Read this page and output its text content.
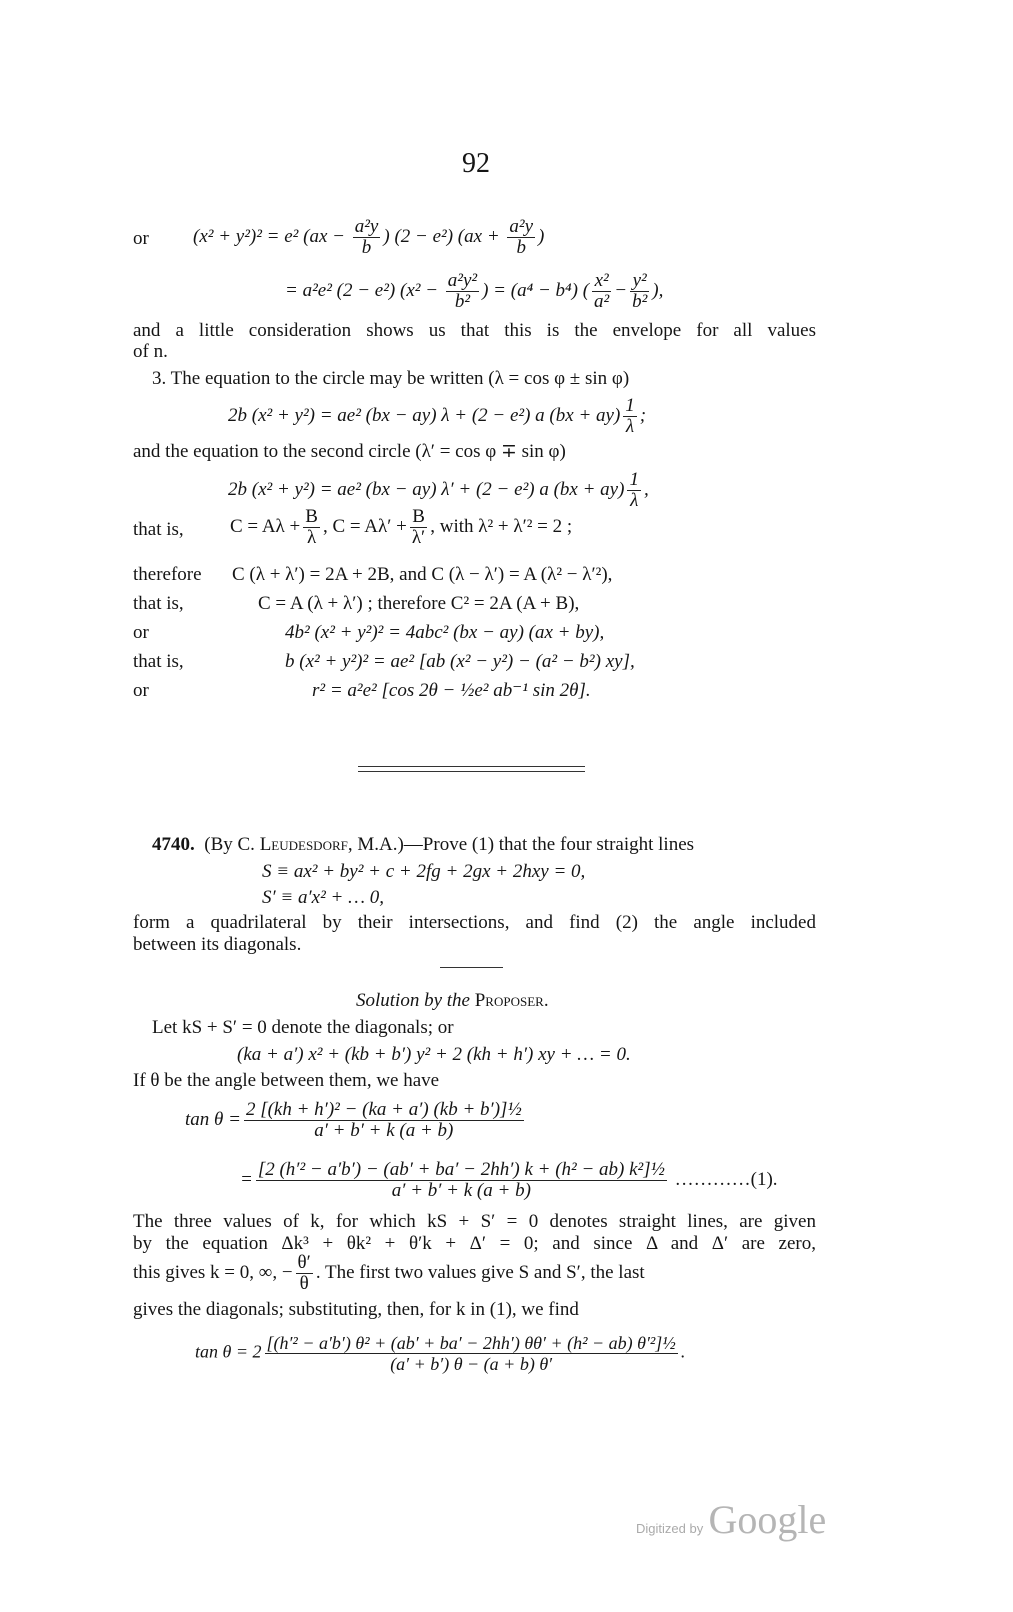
92
or (x² + y²)² = e² ($ax - \frac{\text{a²y}}{b}$ ) (2 − e²) ($ax + \frac{\text{a²y}}{b}$ )
= a²e² (2 − e²) ($x^2 - \frac{\text{a²y²}}{\text{b²}}$ ) = (a⁴ − b⁴) ( $\frac{\text{x²}}{\text{a²}} - \frac{\text{y²}}{\text{b²}}$ ),
and a little consideration shows us that this is the envelope for all values
of n.
3. The equation to the circle may be written (λ = cos φ ± sin φ)
2b (x² + y²) = ae² (bx − ay) λ + (2 − e²) a $(bx + ay) \frac{1}{\lambda}$ ;
and the equation to the second circle (λ′ = cos φ ∓ sin φ)
2b (x² + y²) = ae² (bx − ay) λ′ + (2 − e²) a $(bx + ay) \frac{1}{\lambda}$ ,
that is, $C = A\lambda + \frac{B}{\lambda}$ , $C = A\lambda' + \frac{B}{\lambda'}$ , with λ² + λ′² = 2 ;
therefore C (λ + λ′) = 2A + 2B, and C (λ − λ′) = A (λ² − λ′²),
that is,	C = A (λ + λ′) ; therefore C² = 2A (A + B),
or	4b² (x² + y²)² = 4abc² (bx − ay) (ax + by),
that is,	b (x² + y²)² = ae² [ab (x² − y²) − (a² − b²) xy],
or	r² = a²e² [cos 2θ − ½e² ab⁻¹ sin 2θ].
4740. (By C. Leudesdorf, M.A.)—Prove (1) that the four straight lines
S ≡ ax² + by² + c + 2fg + 2gx + 2hxy = 0,
S′ ≡ a′x² + … 0,
form a quadrilateral by their intersections, and find (2) the angle included
between its diagonals.
Solution by the Proposer.
Let kS + S′ = 0 denote the diagonals; or
(ka + a′) x² + (kb + b′) y² + 2 (kh + h′) xy + … = 0.
If θ be the angle between them, we have
$\tan \theta = \frac{\text{2 [(kh + h′)² − (ka + a′) (kb + b′)]½}}{a' + b' + k (a + b)}$
= $\frac{\text{[2 (h′² − a′b′) − (ab′ + ba′ − 2hh′) k + (h² − ab) k²]½}}{a' + b' + k (a + b)}$ …………(1).
The three values of k, for which kS + S′ = 0 denotes straight lines, are given
by the equation Δk³ + θk² + θ′k + Δ′ = 0; and since Δ and Δ′ are zero,
this gives k = 0, ∞, − $\frac{\theta'}{\theta}$ . The first two values give S and S′, the last
gives the diagonals; substituting, then, for k in (1), we find
$\tan \theta = 2 \frac{\text{[(h′² − a′b′) θ² + (ab′ + ba′ − 2hh′) θθ′ + (h² − ab) θ′²]½}}{(a' + b') \theta - (a + b) \theta'}$ .
Digitized by Google
